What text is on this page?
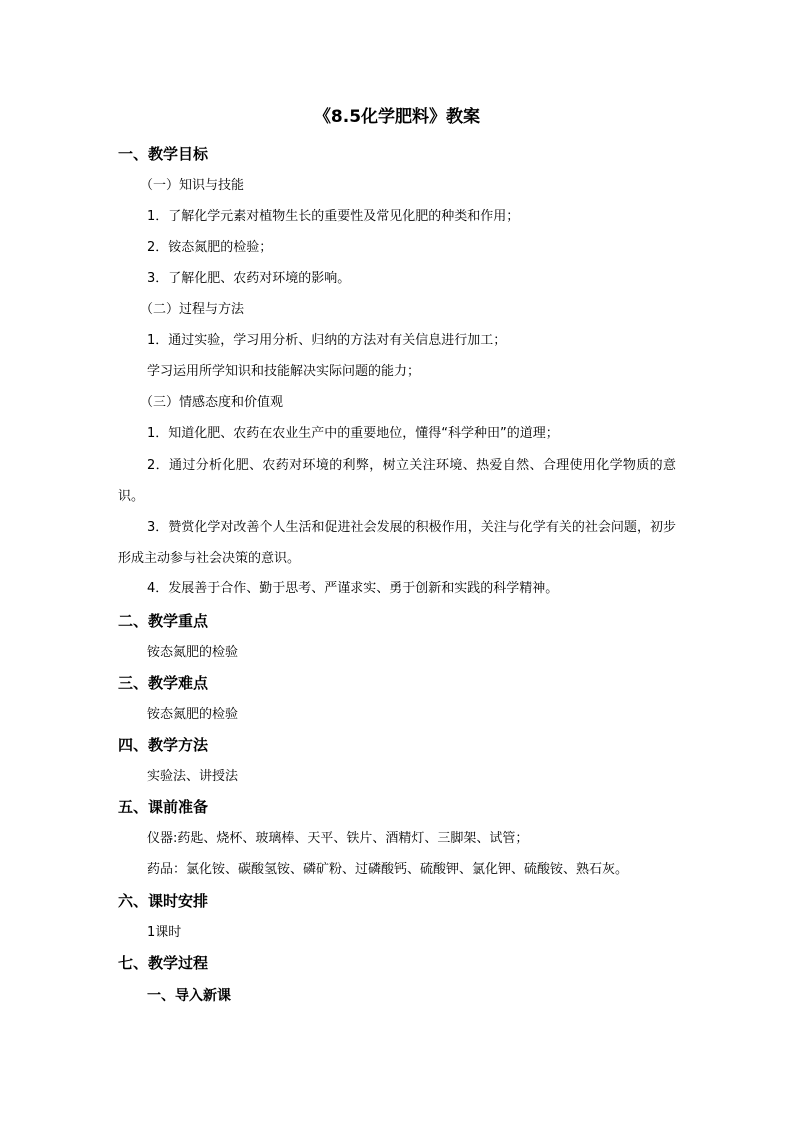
《8.5化学肥料》教案
一、教学目标
（一）知识与技能
1．了解化学元素对植物生长的重要性及常见化肥的种类和作用；
2．铵态氮肥的检验；
3．了解化肥、农药对环境的影响。
（二）过程与方法
1．通过实验，学习用分析、归纳的方法对有关信息进行加工；
学习运用所学知识和技能解决实际问题的能力；
（三）情感态度和价值观
1．知道化肥、农药在农业生产中的重要地位，懂得“科学种田”的道理；
2．通过分析化肥、农药对环境的利弊，树立关注环境、热爱自然、合理使用化学物质的意识。
3．赞赏化学对改善个人生活和促进社会发展的积极作用，关注与化学有关的社会问题，初步形成主动参与社会决策的意识。
4．发展善于合作、勤于思考、严谨求实、勇于创新和实践的科学精神。
二、教学重点
铵态氮肥的检验
三、教学难点
铵态氮肥的检验
四、教学方法
实验法、讲授法
五、课前准备
仪器:药匙、烧杯、玻璃棒、天平、铁片、酒精灯、三脚架、试管；
药品：氯化铵、碳酸氢铵、磷矿粉、过磷酸钙、硫酸钾、氯化钾、硫酸铵、熟石灰。
六、课时安排
1课时
七、教学过程
一、导入新课
